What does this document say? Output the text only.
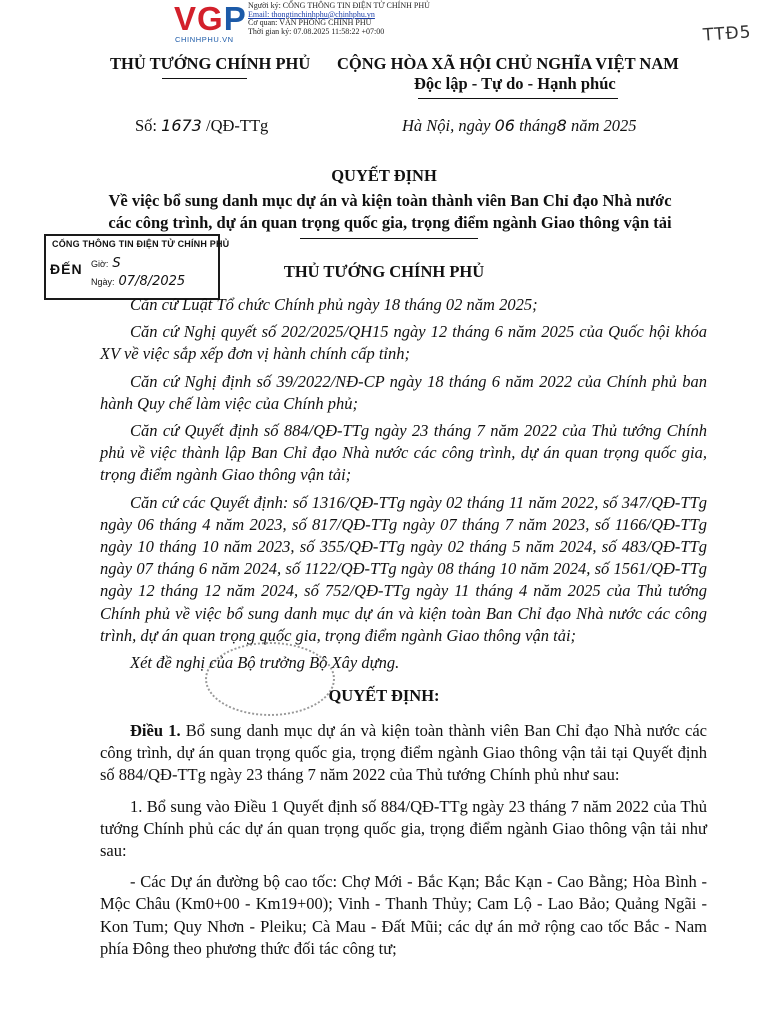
VGP
CHINHPHU.VN
Người ký: CỔNG THÔNG TIN ĐIỆN TỬ CHÍNH PHỦ
Email: thongtinchinhphu@chinhphu.vn
Cơ quan: VĂN PHÒNG CHÍNH PHỦ
Thời gian ký: 07.08.2025 11:58:22 +07:00	TTĐ5
THỦ TƯỚNG CHÍNH PHỦ CỘNG HÒA XÃ HỘI CHỦ NGHĨA VIỆT NAM
Độc lập - Tự do - Hạnh phúc
Số: 1673 /QĐ-TTg	Hà Nội, ngày 06 tháng8 năm 2025
QUYẾT ĐỊNH
Về việc bổ sung danh mục dự án và kiện toàn thành viên Ban Chỉ đạo Nhà nước
các công trình, dự án quan trọng quốc gia, trọng điểm ngành Giao thông vận tải
CỔNG THÔNG TIN ĐIỆN TỬ CHÍNH PHỦ
ĐẾN Giờ: S
Ngày: 07/8/2025
THỦ TƯỚNG CHÍNH PHỦ
Căn cứ Luật Tổ chức Chính phủ ngày 18 tháng 02 năm 2025;
Căn cứ Nghị quyết số 202/2025/QH15 ngày 12 tháng 6 năm 2025 của Quốc hội khóa XV về việc sắp xếp đơn vị hành chính cấp tỉnh;
Căn cứ Nghị định số 39/2022/NĐ-CP ngày 18 tháng 6 năm 2022 của Chính phủ ban hành Quy chế làm việc của Chính phủ;
Căn cứ Quyết định số 884/QĐ-TTg ngày 23 tháng 7 năm 2022 của Thủ tướng Chính phủ về việc thành lập Ban Chỉ đạo Nhà nước các công trình, dự án quan trọng quốc gia, trọng điểm ngành Giao thông vận tải;
Căn cứ các Quyết định: số 1316/QĐ-TTg ngày 02 tháng 11 năm 2022, số 347/QĐ-TTg ngày 06 tháng 4 năm 2023, số 817/QĐ-TTg ngày 07 tháng 7 năm 2023, số 1166/QĐ-TTg ngày 10 tháng 10 năm 2023, số 355/QĐ-TTg ngày 02 tháng 5 năm 2024, số 483/QĐ-TTg ngày 07 tháng 6 năm 2024, số 1122/QĐ-TTg ngày 08 tháng 10 năm 2024, số 1561/QĐ-TTg ngày 12 tháng 12 năm 2024, số 752/QĐ-TTg ngày 11 tháng 4 năm 2025 của Thủ tướng Chính phủ về việc bổ sung danh mục dự án và kiện toàn Ban Chỉ đạo Nhà nước các công trình, dự án quan trọng quốc gia, trọng điểm ngành Giao thông vận tải;
Xét đề nghị của Bộ trưởng Bộ Xây dựng.
QUYẾT ĐỊNH:
Điều 1. Bổ sung danh mục dự án và kiện toàn thành viên Ban Chỉ đạo Nhà nước các công trình, dự án quan trọng quốc gia, trọng điểm ngành Giao thông vận tải tại Quyết định số 884/QĐ-TTg ngày 23 tháng 7 năm 2022 của Thủ tướng Chính phủ như sau:
1. Bổ sung vào Điều 1 Quyết định số 884/QĐ-TTg ngày 23 tháng 7 năm 2022 của Thủ tướng Chính phủ các dự án quan trọng quốc gia, trọng điểm ngành Giao thông vận tải như sau:
- Các Dự án đường bộ cao tốc: Chợ Mới - Bắc Kạn; Bắc Kạn - Cao Bằng; Hòa Bình - Mộc Châu (Km0+00 - Km19+00); Vinh - Thanh Thủy; Cam Lộ - Lao Bảo; Quảng Ngãi - Kon Tum; Quy Nhơn - Pleiku; Cà Mau - Đất Mũi; các dự án mở rộng cao tốc Bắc - Nam phía Đông theo phương thức đối tác công tư;
